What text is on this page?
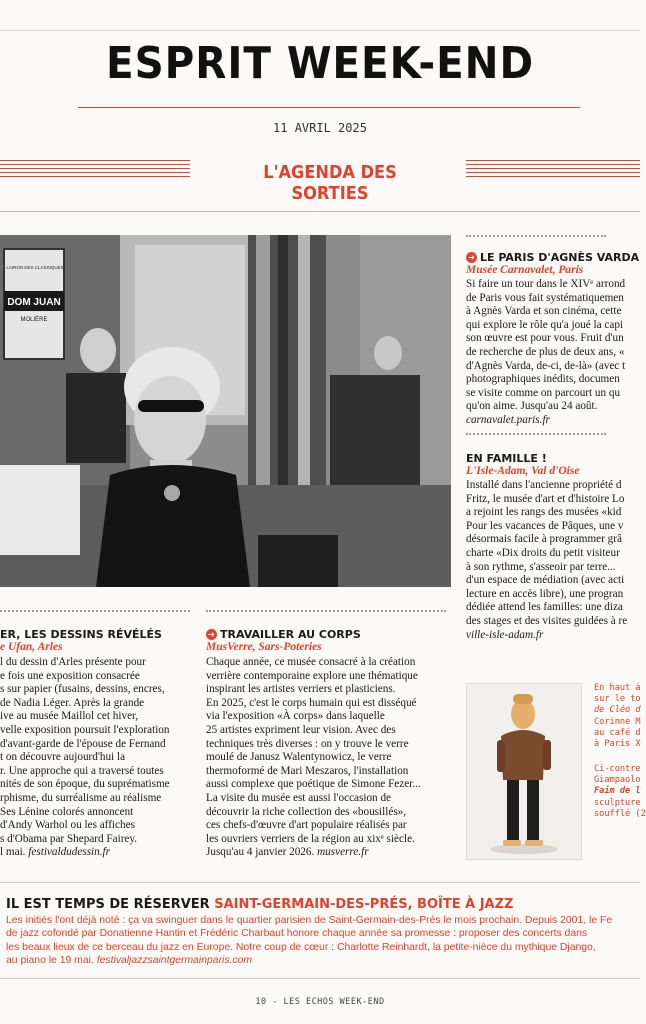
ESPRIT WEEK-END
11 AVRIL 2025
L'AGENDA DES SORTIES
LAIRON DES CLASSIQUES
DOM JUAN
MOLIÈRE
➜ LE PARIS D'AGNÈS VARDA
Musée Carnavalet, Paris
Si faire un tour dans le XIVᵉ arrond
de Paris vous fait systématiquemen
à Agnès Varda et son cinéma, cette
qui explore le rôle qu'a joué la capi
son œuvre est pour vous. Fruit d'un
de recherche de plus de deux ans, «
d'Agnès Varda, de-ci, de-là» (avec t
photographiques inédits, documen
se visite comme on parcourt un qu
qu'on aime. Jusqu'au 24 août.
carnavalet.paris.fr
EN FAMILLE !
L'Isle-Adam, Val d'Oise
Installé dans l'ancienne propriété d
Fritz, le musée d'art et d'histoire Lo
a rejoint les rangs des musées «kid
Pour les vacances de Pâques, une v
désormais facile à programmer grâ
charte «Dix droits du petit visiteur
à son rythme, s'asseoir par terre...
d'un espace de médiation (avec acti
lecture en accès libre), une progran
dédiée attend les familles: une diza
des stages et des visites guidées à re
ville-isle-adam.fr
ER, LES DESSINS RÉVÉLÉS
e Ufan, Arles
l du dessin d'Arles présente pour
e fois une exposition consacrée
s sur papier (fusains, dessins, encres,
de Nadia Léger. Après la grande
ive au musée Maillol cet hiver,
velle exposition poursuit l'exploration
d'avant-garde de l'épouse de Fernand
t on découvre aujourd'hui la
r. Une approche qui a traversé toutes
nités de son époque, du suprématisme
rphisme, du surréalisme au réalisme
Ses Lénine colorés annoncent
d'Andy Warhol ou les affiches
s d'Obama par Shepard Fairey.
l mai. festivaldudessin.fr
➜ TRAVAILLER AU CORPS
MusVerre, Sars-Poteries
Chaque année, ce musée consacré à la création
verrière contemporaine explore une thématique
inspirant les artistes verriers et plasticiens.
En 2025, c'est le corps humain qui est disséqué
via l'exposition «À corps» dans laquelle
25 artistes expriment leur vision. Avec des
techniques très diverses : on y trouve le verre
moulé de Janusz Walentynowicz, le verre
thermoformé de Mari Meszaros, l'installation
aussi complexe que poétique de Simone Fezer...
La visite du musée est aussi l'occasion de
découvrir la riche collection des «bousillés»,
ces chefs-d'œuvre d'art populaire réalisés par
les ouvriers verriers de la région au xixᵉ siècle.
Jusqu'au 4 janvier 2026. musverre.fr
En haut à
sur le to
de Cléo d
Corinne M
au café d
à Paris X
Ci-contre
Giampaolo
Faim de l
sculpture
soufflé (2
IL EST TEMPS DE RÉSERVER SAINT-GERMAIN-DES-PRÉS, BOÎTE À JAZZ
Les initiés l'ont déjà noté : ça va swinguer dans le quartier parisien de Saint-Germain-des-Prés le mois prochain. Depuis 2001, le Fe
de jazz cofondé par Donatienne Hantin et Frédéric Charbaut honore chaque année sa promesse : proposer des concerts dans
les beaux lieux de ce berceau du jazz en Europe. Notre coup de cœur : Charlotte Reinhardt, la petite-nièce du mythique Django,
au piano le 19 mai. festivaljazzsaintgermainparis.com
10 - LES ECHOS WEEK-END
